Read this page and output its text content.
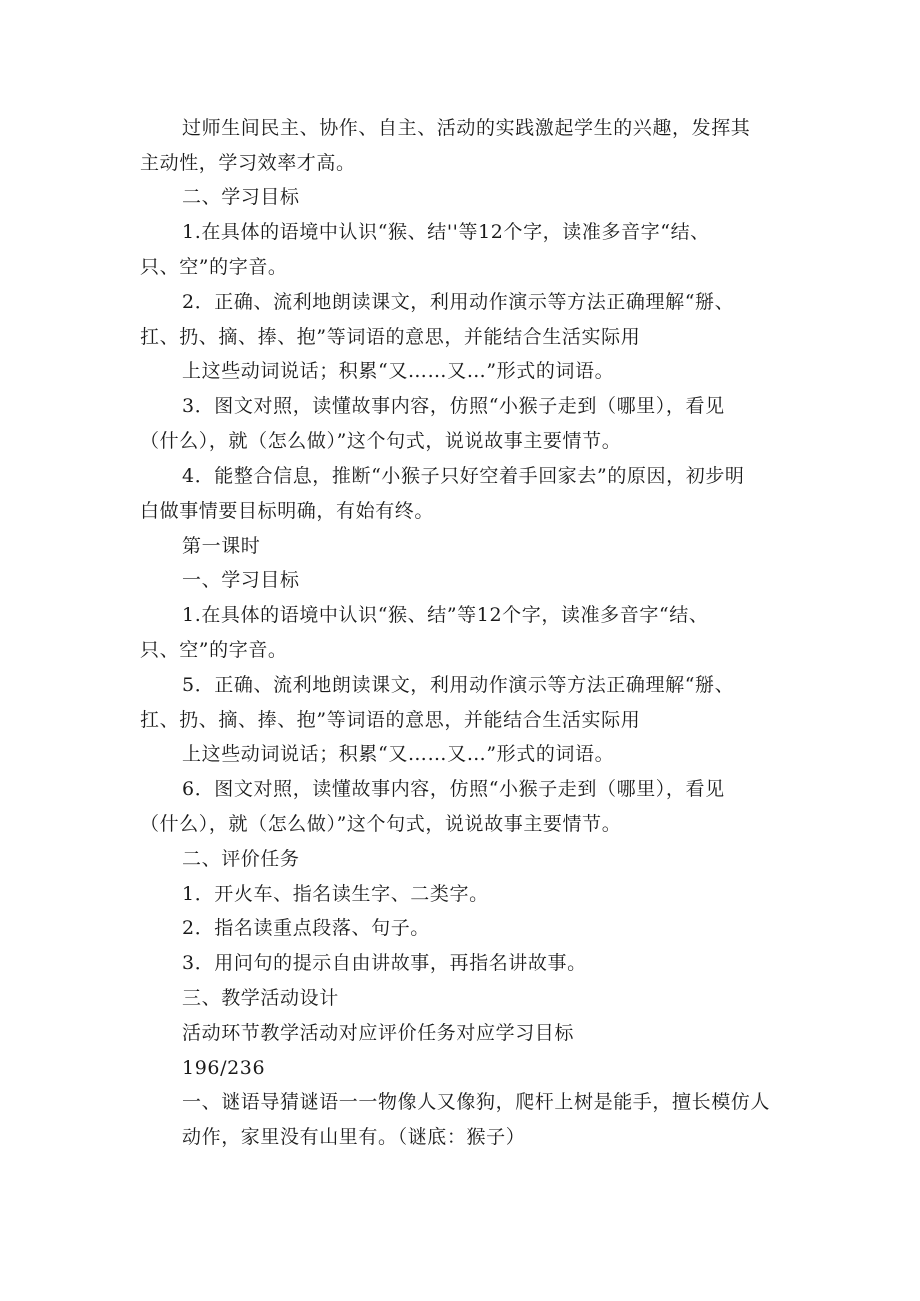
过师生间民主、协作、自主、活动的实践激起学生的兴趣，发挥其
主动性，学习效率才高。
二、学习目标
1.在具体的语境中认识“猴、结''等12个字，读准多音字“结、
只、空”的字音。
2．正确、流利地朗读课文，利用动作演示等方法正确理解“掰、
扛、扔、摘、捧、抱”等词语的意思，并能结合生活实际用
上这些动词说话；积累“又……又…”形式的词语。
3．图文对照，读懂故事内容，仿照“小猴子走到（哪里），看见
（什么），就（怎么做）”这个句式，说说故事主要情节。
4．能整合信息，推断“小猴子只好空着手回家去”的原因，初步明
白做事情要目标明确，有始有终。
第一课时
一、学习目标
1.在具体的语境中认识“猴、结”等12个字，读准多音字“结、
只、空”的字音。
5．正确、流利地朗读课文，利用动作演示等方法正确理解“掰、
扛、扔、摘、捧、抱”等词语的意思，并能结合生活实际用
上这些动词说话；积累“又……又…”形式的词语。
6．图文对照，读懂故事内容，仿照“小猴子走到（哪里），看见
（什么），就（怎么做）”这个句式，说说故事主要情节。
二、评价任务
1．开火车、指名读生字、二类字。
2．指名读重点段落、句子。
3．用问句的提示自由讲故事，再指名讲故事。
三、教学活动设计
活动环节教学活动对应评价任务对应学习目标
196/236
一、谜语导猜谜语一一物像人又像狗，爬杆上树是能手，擅长模仿人
动作，家里没有山里有。（谜底：猴子）
